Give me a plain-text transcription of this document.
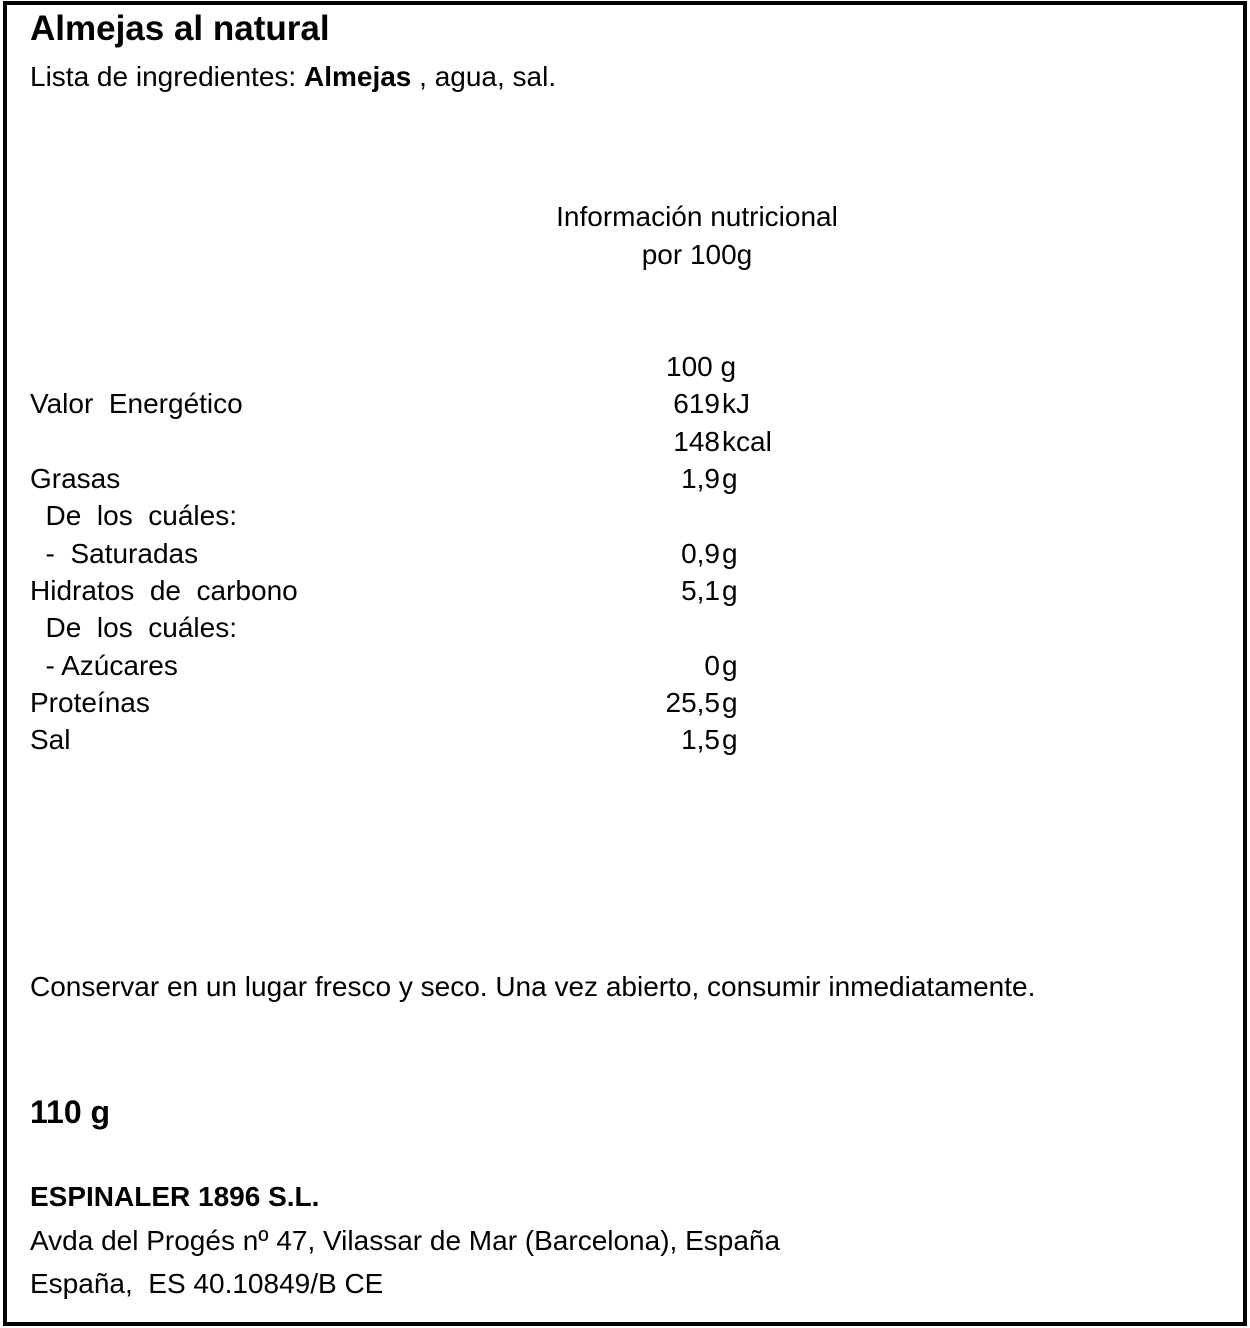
Almejas al natural
Lista de ingredientes: Almejas , agua, sal.
Información nutricional
por 100g
100 g
Valor  Energético	619 kJ
148 kcal
Grasas	1,9 g
De  los  cuáles:
-  Saturadas	0,9 g
Hidratos  de  carbono	5,1 g
De  los  cuáles:
- Azúcares	0 g
Proteínas	25,5 g
Sal	1,5 g
Conservar en un lugar fresco y seco. Una vez abierto, consumir inmediatamente.
110 g
ESPINALER 1896 S.L.
Avda del Progés nº 47, Vilassar de Mar (Barcelona), España
España,  ES 40.10849/B CE
